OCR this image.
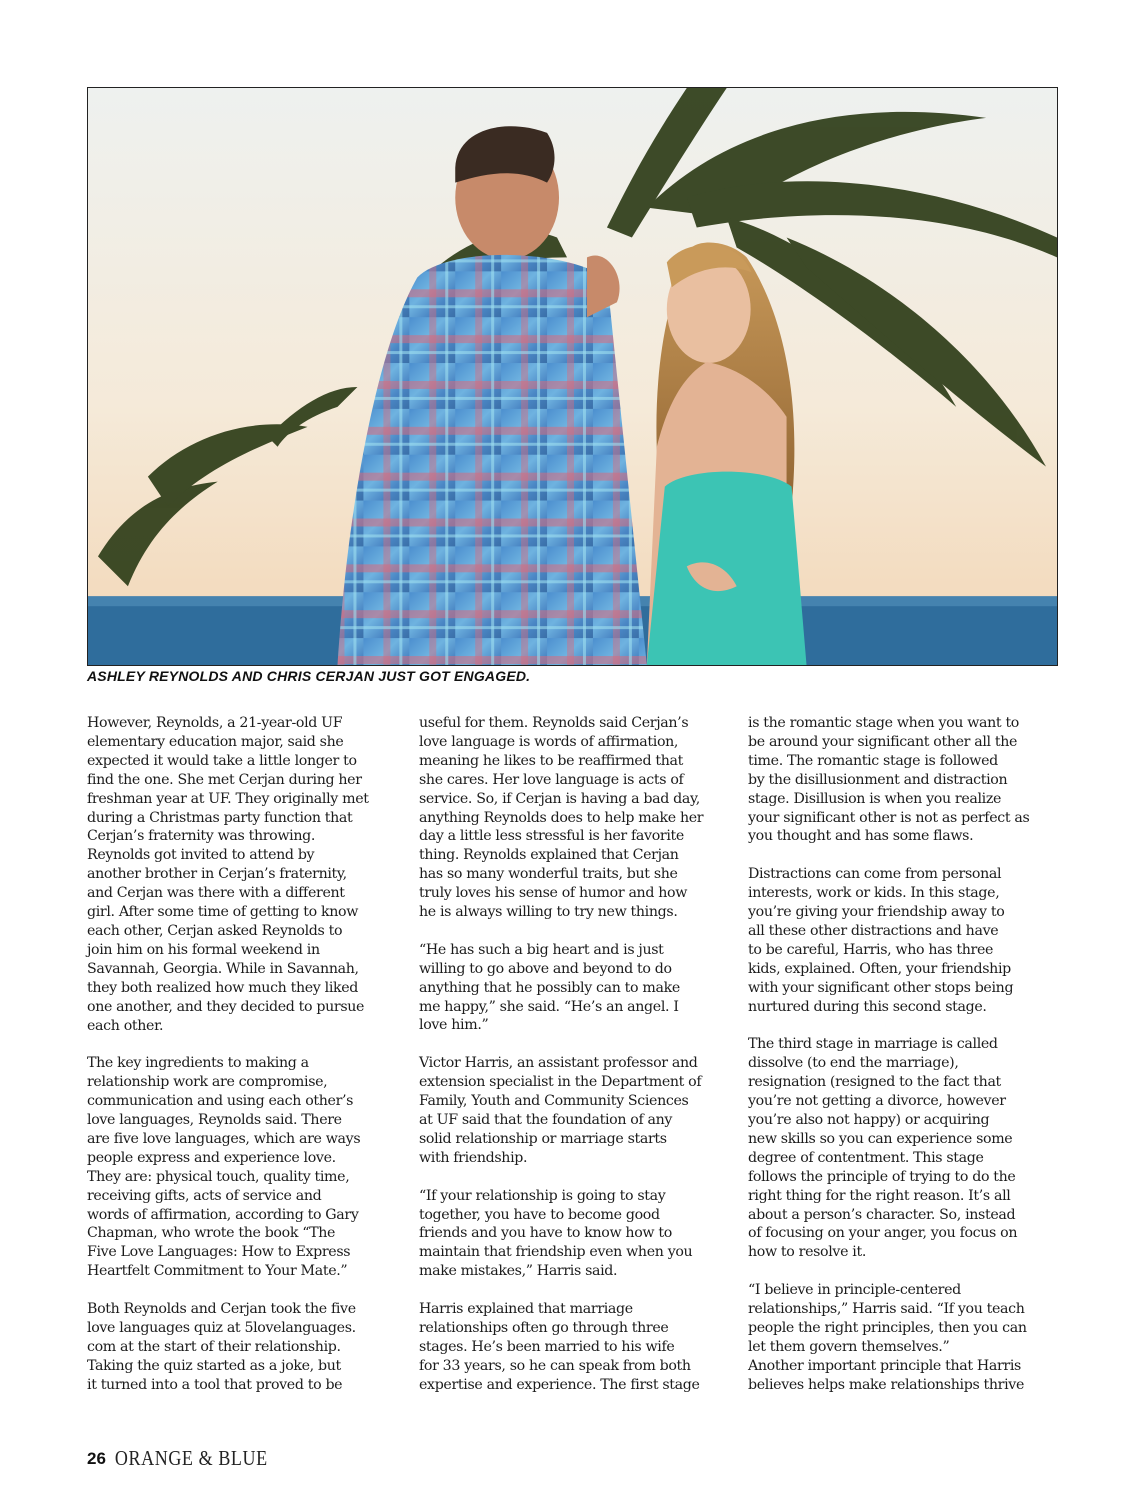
ASHLEY REYNOLDS AND CHRIS CERJAN JUST GOT ENGAGED.

However, Reynolds, a 21-year-old UF
elementary education major, said she
expected it would take a little longer to
find the one. She met Cerjan during her
freshman year at UF. They originally met
during a Christmas party function that
Cerjan’s fraternity was throwing.
Reynolds got invited to attend by
another brother in Cerjan’s fraternity,
and Cerjan was there with a different
girl. After some time of getting to know
each other, Cerjan asked Reynolds to
join him on his formal weekend in
Savannah, Georgia. While in Savannah,
they both realized how much they liked
one another, and they decided to pursue
each other.

The key ingredients to making a
relationship work are compromise,
communication and using each other’s
love languages, Reynolds said. There
are five love languages, which are ways
people express and experience love.
They are: physical touch, quality time,
receiving gifts, acts of service and
words of affirmation, according to Gary
Chapman, who wrote the book “The
Five Love Languages: How to Express
Heartfelt Commitment to Your Mate.”

Both Reynolds and Cerjan took the five
love languages quiz at 5lovelanguages.
com at the start of their relationship.
Taking the quiz started as a joke, but
it turned into a tool that proved to be

useful for them. Reynolds said Cerjan’s
love language is words of affirmation,
meaning he likes to be reaffirmed that
she cares. Her love language is acts of
service. So, if Cerjan is having a bad day,
anything Reynolds does to help make her
day a little less stressful is her favorite
thing. Reynolds explained that Cerjan
has so many wonderful traits, but she
truly loves his sense of humor and how
he is always willing to try new things.

“He has such a big heart and is just
willing to go above and beyond to do
anything that he possibly can to make
me happy,” she said. “He’s an angel. I
love him.”

Victor Harris, an assistant professor and
extension specialist in the Department of
Family, Youth and Community Sciences
at UF said that the foundation of any
solid relationship or marriage starts
with friendship.

“If your relationship is going to stay
together, you have to become good
friends and you have to know how to
maintain that friendship even when you
make mistakes,” Harris said.

Harris explained that marriage
relationships often go through three
stages. He’s been married to his wife
for 33 years, so he can speak from both
expertise and experience. The first stage

is the romantic stage when you want to
be around your significant other all the
time. The romantic stage is followed
by the disillusionment and distraction
stage. Disillusion is when you realize
your significant other is not as perfect as
you thought and has some flaws.

Distractions can come from personal
interests, work or kids. In this stage,
you’re giving your friendship away to
all these other distractions and have
to be careful, Harris, who has three
kids, explained. Often, your friendship
with your significant other stops being
nurtured during this second stage.

The third stage in marriage is called
dissolve (to end the marriage),
resignation (resigned to the fact that
you’re not getting a divorce, however
you’re also not happy) or acquiring
new skills so you can experience some
degree of contentment. This stage
follows the principle of trying to do the
right thing for the right reason. It’s all
about a person’s character. So, instead
of focusing on your anger, you focus on
how to resolve it.

“I believe in principle-centered
relationships,” Harris said. “If you teach
people the right principles, then you can
let them govern themselves.”
Another important principle that Harris
believes helps make relationships thrive

26 ORANGE & BLUE
